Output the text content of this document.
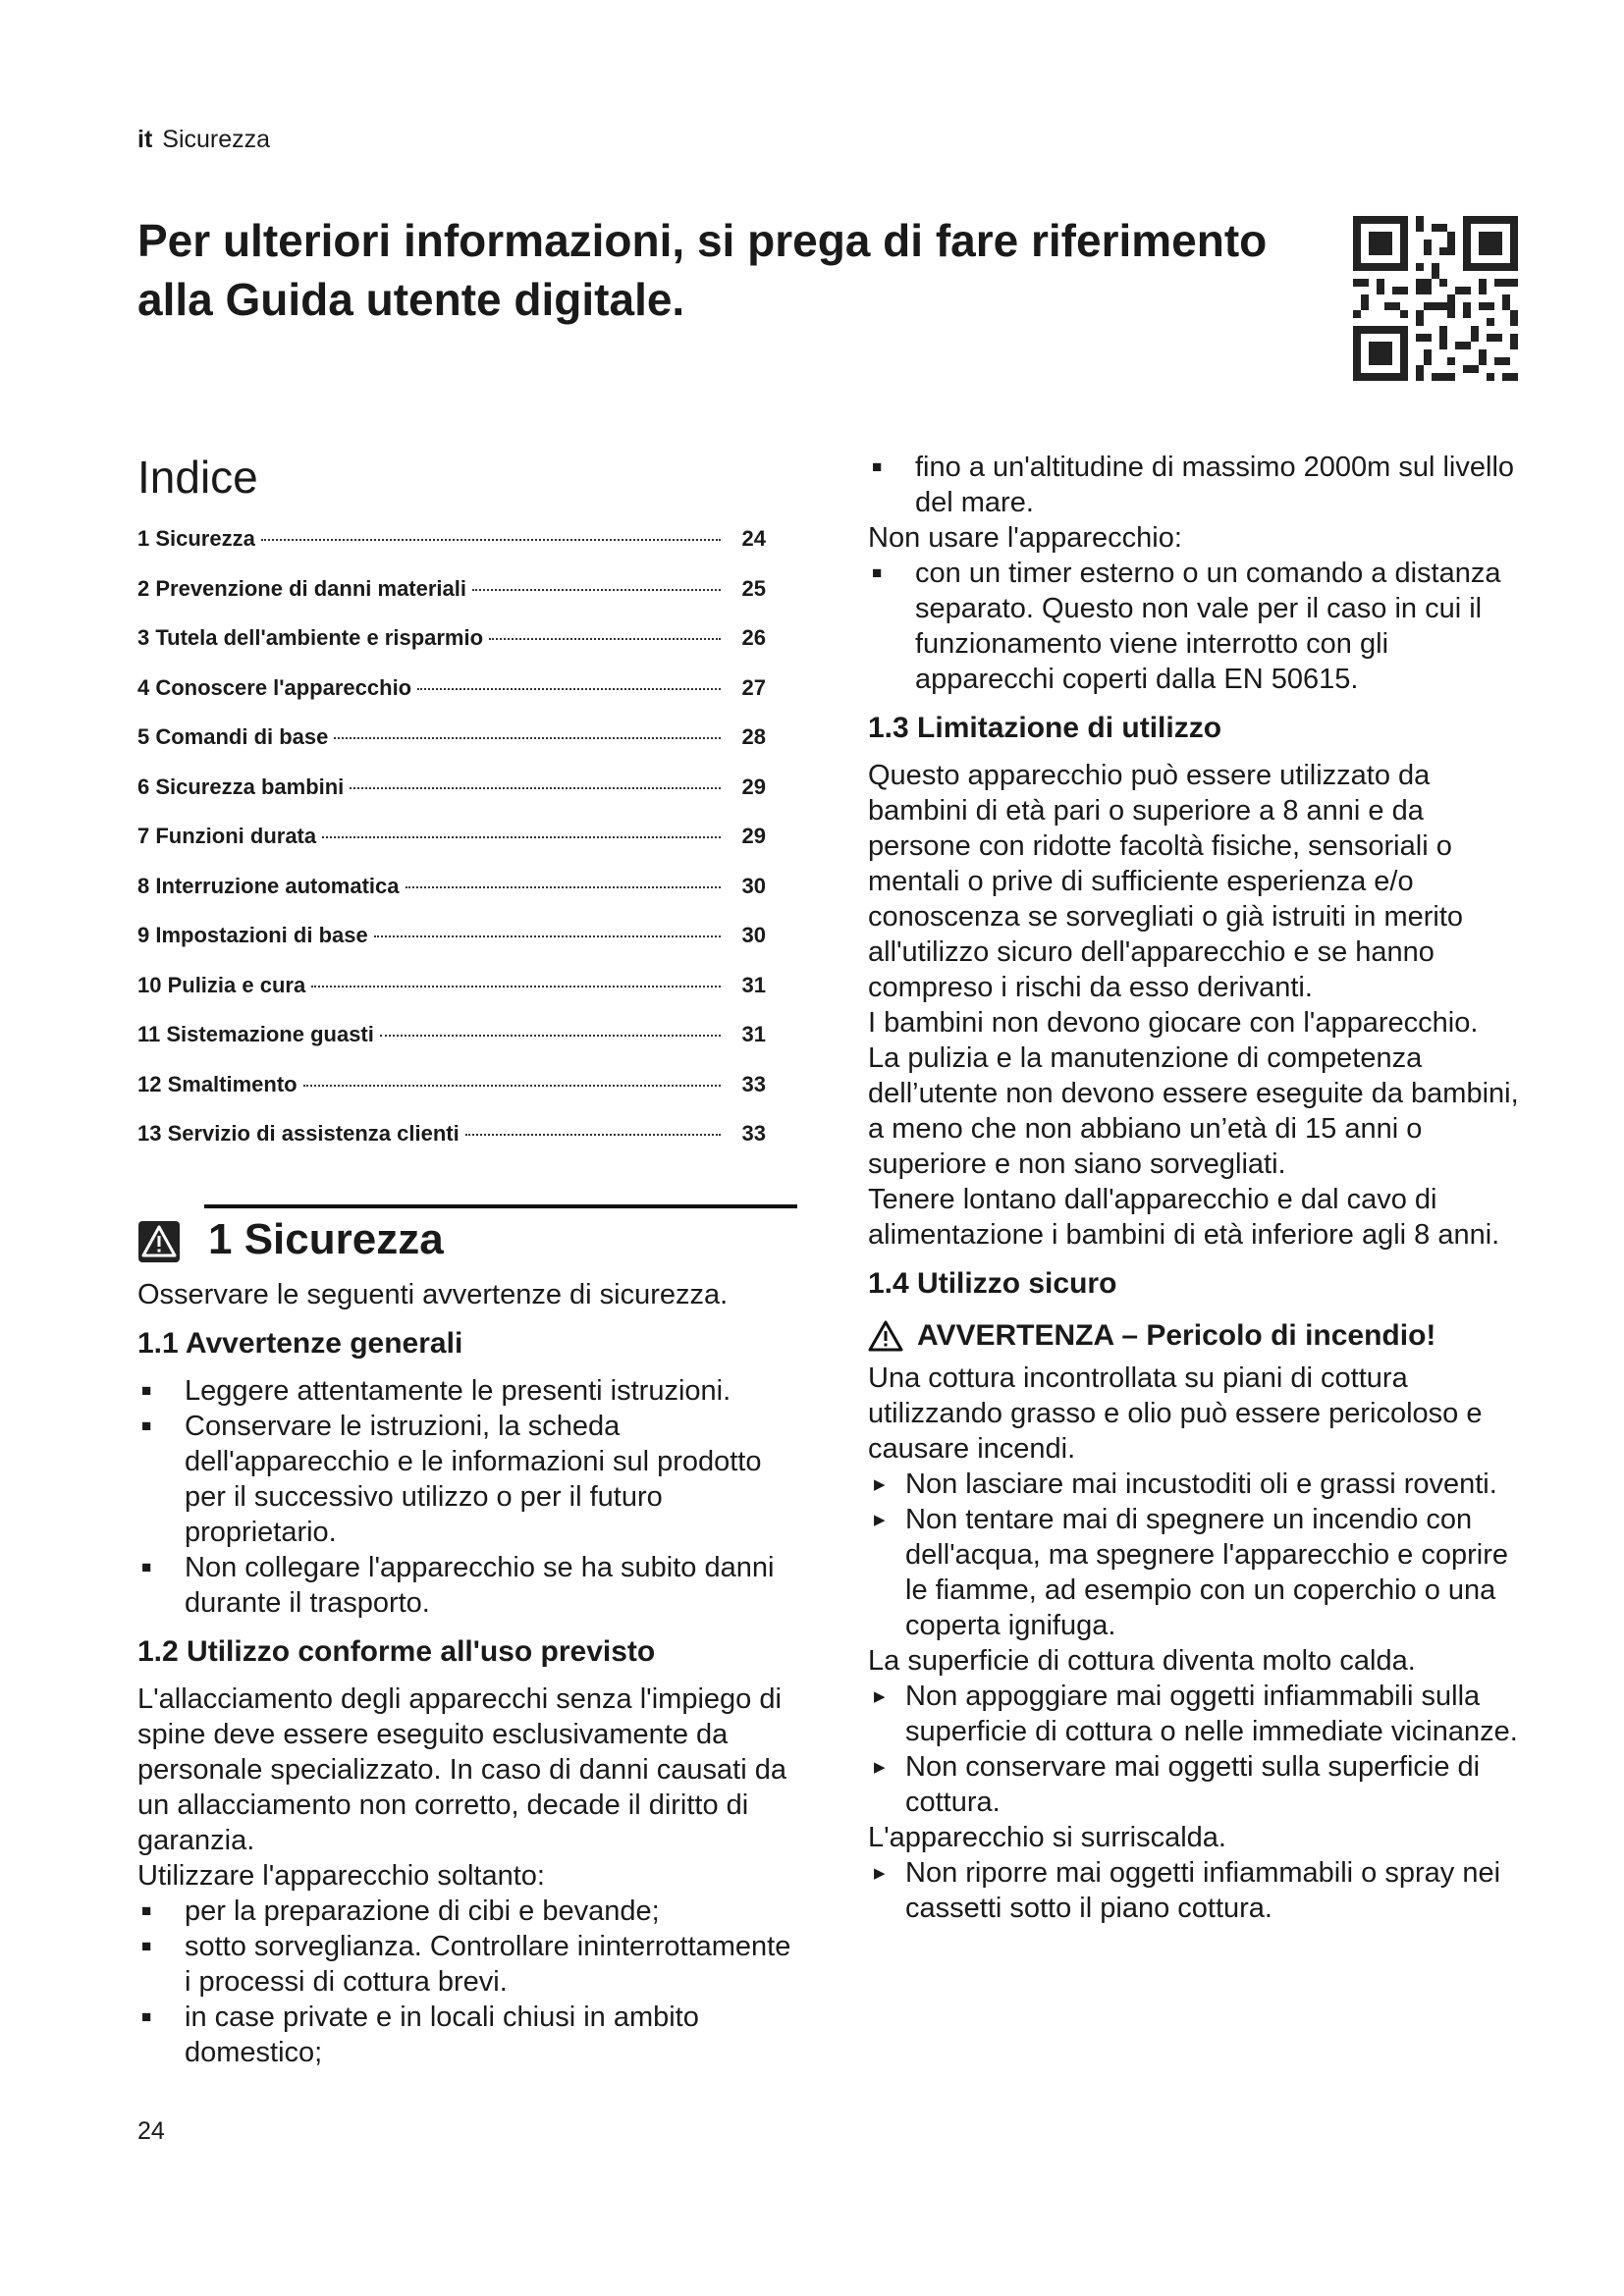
it Sicurezza
Per ulteriori informazioni, si prega di fare riferimento alla Guida utente digitale.
Indice
1 Sicurezza	24
2 Prevenzione di danni materiali	25
3 Tutela dell'ambiente e risparmio	26
4 Conoscere l'apparecchio	27
5 Comandi di base	28
6 Sicurezza bambini	29
7 Funzioni durata	29
8 Interruzione automatica	30
9 Impostazioni di base	30
10 Pulizia e cura	31
11 Sistemazione guasti	31
12 Smaltimento	33
13 Servizio di assistenza clienti	33
1 Sicurezza

Osservare le seguenti avvertenze di sicurezza.

1.1 Avvertenze generali
■ Leggere attentamente le presenti istruzioni.
■ Conservare le istruzioni, la scheda dell'apparecchio e le informazioni sul prodotto per il successivo utilizzo o per il futuro proprietario.
■ Non collegare l'apparecchio se ha subito danni durante il trasporto.
1.2 Utilizzo conforme all'uso previsto

L'allacciamento degli apparecchi senza l'impiego di spine deve essere eseguito esclusivamente da personale specializzato. In caso di danni causati da un allacciamento non corretto, decade il diritto di garanzia.

Utilizzare l'apparecchio soltanto:

■ per la preparazione di cibi e bevande;
■ sotto sorveglianza. Controllare ininterrottamente i processi di cottura brevi.
■ in case private e in locali chiusi in ambito domestico;
■ fino a un'altitudine di massimo 2000m sul livello del mare.

Non usare l'apparecchio:

■ con un timer esterno o un comando a distanza separato. Questo non vale per il caso in cui il funzionamento viene interrotto con gli apparecchi coperti dalla EN 50615.
1.3 Limitazione di utilizzo

Questo apparecchio può essere utilizzato da bambini di età pari o superiore a 8 anni e da persone con ridotte facoltà fisiche, sensoriali o mentali o prive di sufficiente esperienza e/o conoscenza se sorvegliati o già istruiti in merito all'utilizzo sicuro dell'apparecchio e se hanno compreso i rischi da esso derivanti.

I bambini non devono giocare con l'apparecchio.

La pulizia e la manutenzione di competenza dell’utente non devono essere eseguite da bambini, a meno che non abbiano un’età di 15 anni o superiore e non siano sorvegliati.

Tenere lontano dall'apparecchio e dal cavo di alimentazione i bambini di età inferiore agli 8 anni.

1.4 Utilizzo sicuro
AVVERTENZA – Pericolo di incendio!

Una cottura incontrollata su piani di cottura utilizzando grasso e olio può essere pericoloso e causare incendi.

▶ Non lasciare mai incustoditi oli e grassi roventi.
▶ Non tentare mai di spegnere un incendio con dell'acqua, ma spegnere l'apparecchio e coprire le fiamme, ad esempio con un coperchio o una coperta ignifuga.

La superficie di cottura diventa molto calda.

▶ Non appoggiare mai oggetti infiammabili sulla superficie di cottura o nelle immediate vicinanze.
▶ Non conservare mai oggetti sulla superficie di cottura.

L'apparecchio si surriscalda.

▶ Non riporre mai oggetti infiammabili o spray nei cassetti sotto il piano cottura.
24
